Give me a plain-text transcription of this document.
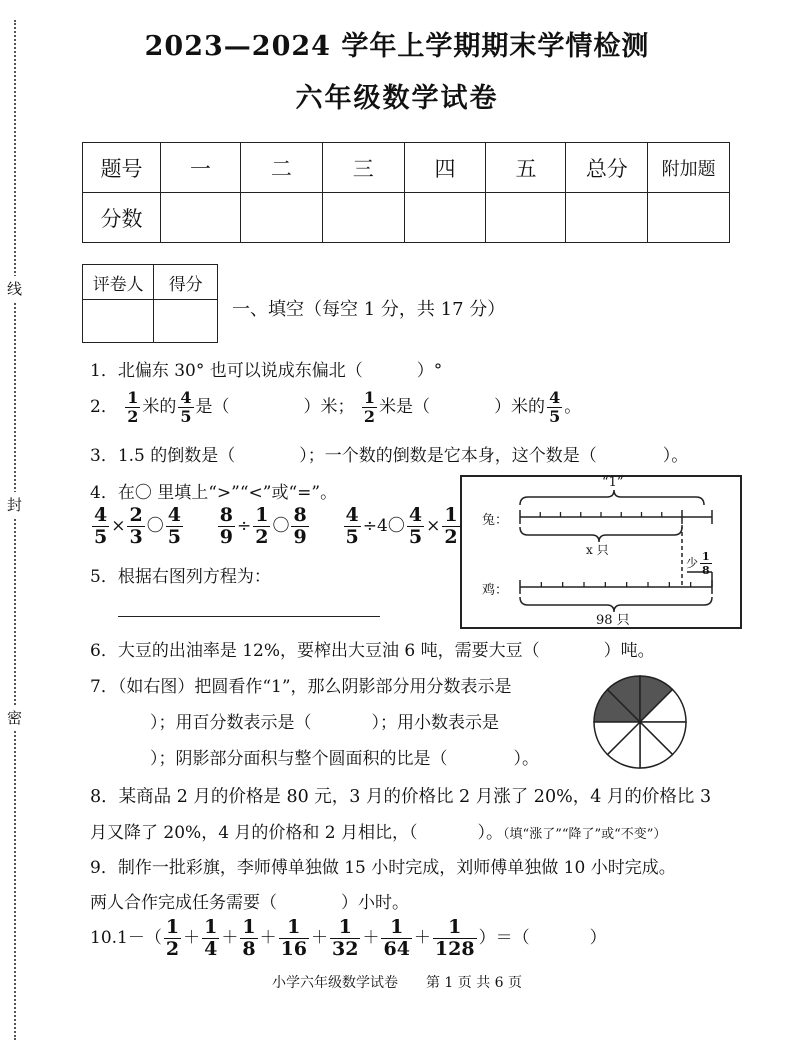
线
封
密
2023—2024 学年上学期期末学情检测
六年级数学试卷
题号	一	二	三	四	五	总分	附加题
分数							
评卷人	得分

一、填空（每空 1 分，共 17 分）
1．北偏东 30° 也可以说成东偏北（	）°
2． $\frac{1}{2}$ 米的 $\frac{4}{5}$ 是（	）米； $\frac{1}{2}$ 米是（	）米的 $\frac{4}{5}$ 。
3．1.5 的倒数是（	）；一个数的倒数是它本身，这个数是（	）。
4．在〇 里填上“>”“<”或“=”。
$\frac{4}{5} \times \frac{2}{3}$ 〇 $\frac{4}{5}$
$\frac{8}{9} \div \frac{1}{2}$ 〇 $\frac{8}{9}$
$\frac{4}{5} \div 4$〇 $\frac{4}{5} \times \frac{1}{2}$
5．根据右图列方程为：
“1”
兔：
x 只
少 $\frac{1}{8}$
鸡：
98 只
6．大豆的出油率是 12%，要榨出大豆油 6 吨，需要大豆（	）吨。
7．（如右图）把圆看作“1”，那么阴影部分用分数表示是
）；用百分数表示是（	）；用小数表示是
）；阴影部分面积与整个圆面积的比是（	）。
8．某商品 2 月的价格是 80 元，3 月的价格比 2 月涨了 20%，4 月的价格比 3
月又降了 20%，4 月的价格和 2 月相比，（	）。（填“涨了”“降了”或“不变”）
9．制作一批彩旗，李师傅单独做 15 小时完成，刘师傅单独做 10 小时完成。
两人合作完成任务需要（	）小时。
$10.1-( \frac{1}{2} + \frac{1}{4} + \frac{1}{8} + \frac{1}{16} + \frac{1}{32} + \frac{1}{64} + \frac{1}{128}$ ）＝（	）
小学六年级数学试卷　　第 1 页 共 6 页
